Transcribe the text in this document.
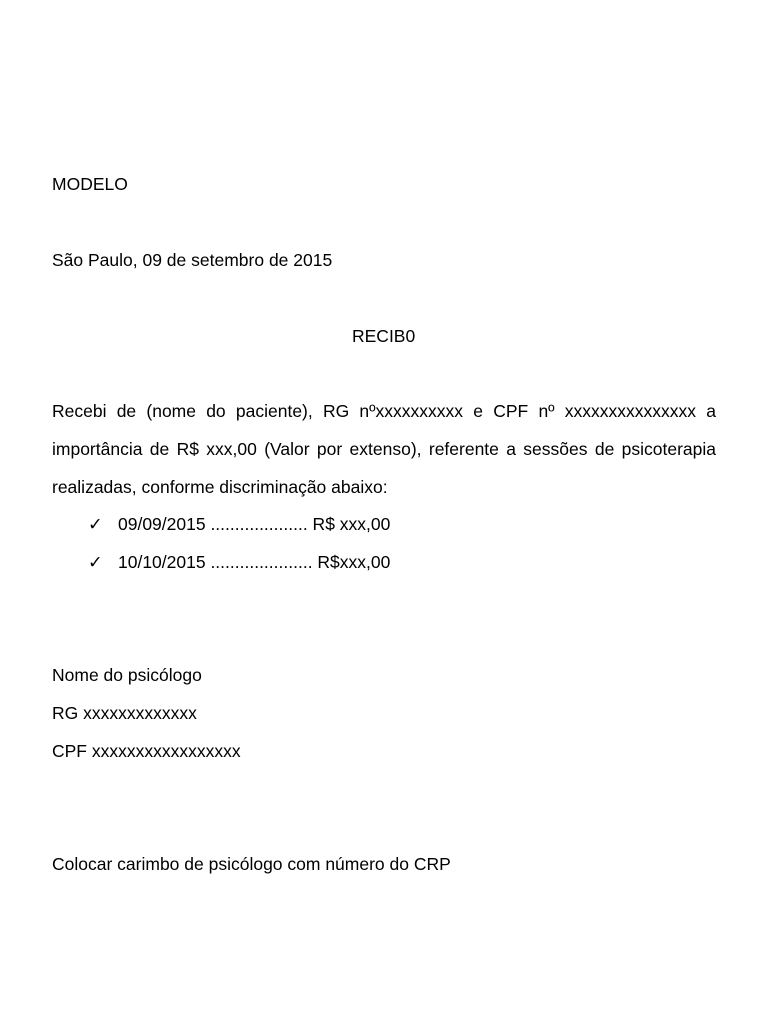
MODELO
São Paulo, 09 de setembro de 2015
RECIB0
Recebi de (nome do paciente), RG nºxxxxxxxxxx e CPF nº xxxxxxxxxxxxxxx a importância de R$ xxx,00 (Valor por extenso), referente a sessões de psicoterapia realizadas, conforme discriminação abaixo:
✓ 09/09/2015 .................... R$ xxx,00
✓ 10/10/2015 ..................... R$xxx,00
Nome do psicólogo
RG xxxxxxxxxxxxx
CPF xxxxxxxxxxxxxxxxx
Colocar carimbo de psicólogo com número do CRP
